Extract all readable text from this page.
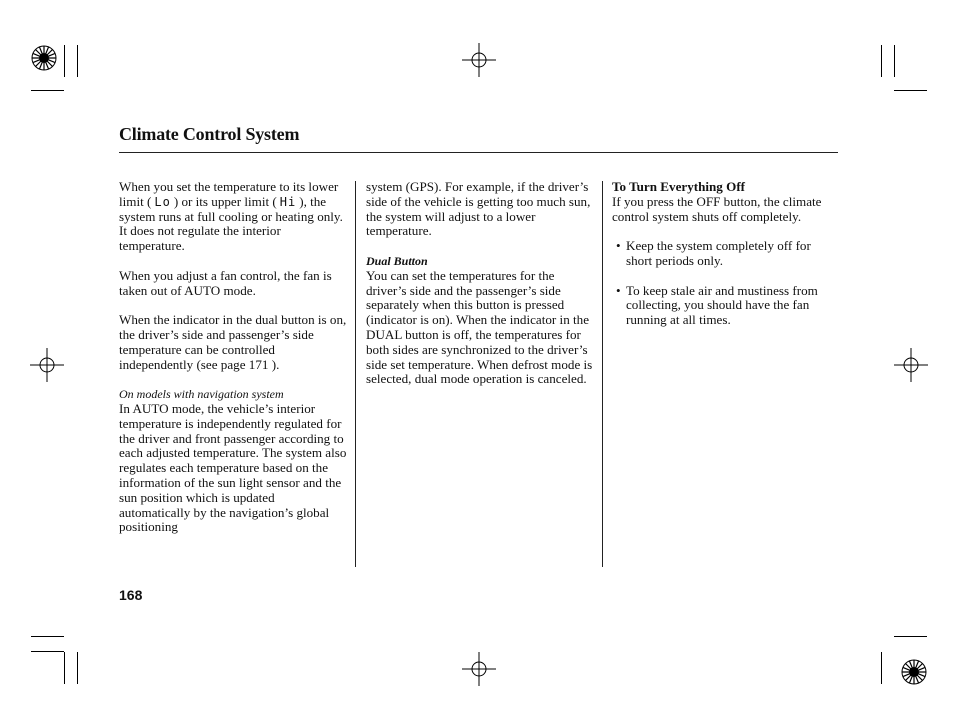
Climate Control System

When you set the temperature to its lower limit ( Lo ) or its upper limit ( Hi ), the system runs at full cooling or heating only. It does not regulate the interior temperature.

When you adjust a fan control, the fan is taken out of AUTO mode.

When the indicator in the dual button is on, the driver’s side and passenger’s side temperature can be controlled independently (see page 171 ).

On models with navigation system

In AUTO mode, the vehicle’s interior temperature is independently regulated for the driver and front passenger according to each adjusted temperature. The system also regulates each temperature based on the information of the sun light sensor and the sun position which is updated automatically by the navigation’s global positioning

system (GPS). For example, if the driver’s side of the vehicle is getting too much sun, the system will adjust to a lower temperature.

Dual Button

You can set the temperatures for the driver’s side and the passenger’s side separately when this button is pressed (indicator is on). When the indicator in the DUAL button is off, the temperatures for both sides are synchronized to the driver’s side set temperature. When defrost mode is selected, dual mode operation is canceled.

To Turn Everything Off

If you press the OFF button, the climate control system shuts off completely.

• Keep the system completely off for short periods only.
• To keep stale air and mustiness from collecting, you should have the fan running at all times.
168
